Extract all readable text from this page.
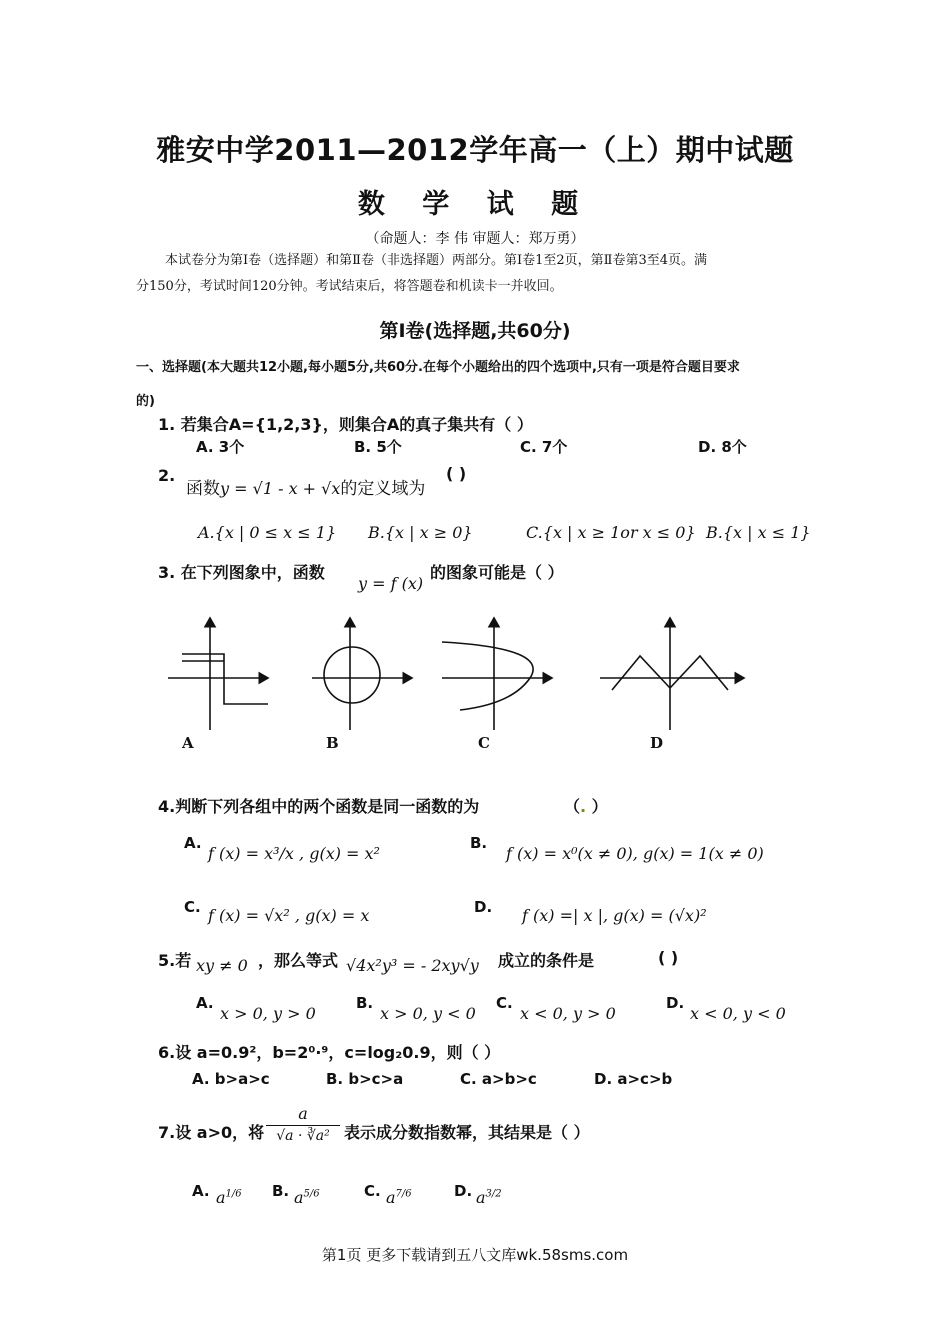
雅安中学2011—2012学年高一（上）期中试题
数 学 试 题
（命题人：李 伟 审题人：郑万勇）
本试卷分为第Ⅰ卷（选择题）和第Ⅱ卷（非选择题）两部分。第Ⅰ卷1至2页，第Ⅱ卷第3至4页。满
分150分，考试时间120分钟。考试结束后，将答题卷和机读卡一并收回。
第Ⅰ卷(选择题,共60分)
一、选择题(本大题共12小题,每小题5分,共60分.在每个小题给出的四个选项中,只有一项是符合题目要求
的)
1. 若集合A={1,2,3}，则集合A的真子集共有（ ）
A. 3个	B. 5个	C. 7个	D. 8个
2.
函数y = √1 - x + √x的定义域为
( )
A.{x | 0 ≤ x ≤ 1} B.{x | x ≥ 0}	C.{x | x ≥ 1or x ≤ 0} B.{x | x ≤ 1}
3. 在下列图象中，函数
y = f (x)
的图象可能是（ ）
A	B	C	D
4.判断下列各组中的两个函数是同一函数的为	（. ）
A.
f (x) = x³/x , g(x) = x²
B.
f (x) = x⁰(x ≠ 0), g(x) = 1(x ≠ 0)
C. f (x) = √x² , g(x) = x	D. f (x) =| x |, g(x) = (√x)²
5.若 xy ≠ 0 ，那么等式 √4x²y³ = - 2xy√y 成立的条件是	( )
A.
x > 0, y > 0
B.
x > 0, y < 0
C.
x < 0, y > 0
D.
x < 0, y < 0
6.设 a=0.9²，b=2⁰·⁹，c=log₂0.9，则（ ）
A. b>a>c	B. b>c>a	C. a>b>c	D. a>c>b
7.设 a>0，将 $\frac{a}{\text{√a · ∛a²}}$ 表示成分数指数幂，其结果是（ ）
A. $a^{1/6}$ B. $a^{5/6}$	C. $a^{7/6}$	D. $a^{3/2}$
第1页 更多下载请到五八文库wk.58sms.com
